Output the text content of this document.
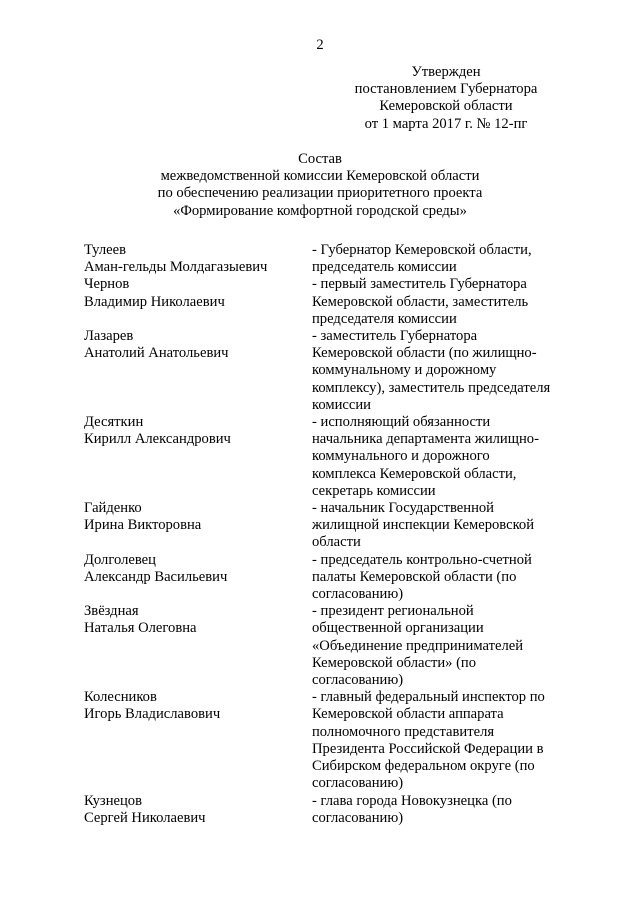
2
Утвержден
постановлением Губернатора
Кемеровской области
от 1 марта 2017 г. № 12-пг
Состав
межведомственной комиссии Кемеровской области
по обеспечению реализации приоритетного проекта
«Формирование комфортной городской среды»
Тулеев
Аман-гельды Молдагазыевич
- Губернатор Кемеровской области,
председатель комиссии
Чернов
Владимир Николаевич
- первый заместитель Губернатора
Кемеровской области, заместитель
председателя комиссии
Лазарев
Анатолий Анатольевич
- заместитель Губернатора
Кемеровской области (по жилищно-
коммунальному и дорожному
комплексу), заместитель председателя
комиссии
Десяткин
Кирилл Александрович
- исполняющий обязанности
начальника департамента жилищно-
коммунального и дорожного
комплекса Кемеровской области,
секретарь комиссии
Гайденко
Ирина Викторовна
- начальник Государственной
жилищной инспекции Кемеровской
области
Долголевец
Александр Васильевич
- председатель контрольно-счетной
палаты Кемеровской области (по
согласованию)
Звёздная
Наталья Олеговна
- президент региональной
общественной организации
«Объединение предпринимателей
Кемеровской области» (по
согласованию)
Колесников
Игорь Владиславович
- главный федеральный инспектор по
Кемеровской области аппарата
полномочного представителя
Президента Российской Федерации в
Сибирском федеральном округе (по
согласованию)
Кузнецов
Сергей Николаевич
- глава города Новокузнецка (по
согласованию)
